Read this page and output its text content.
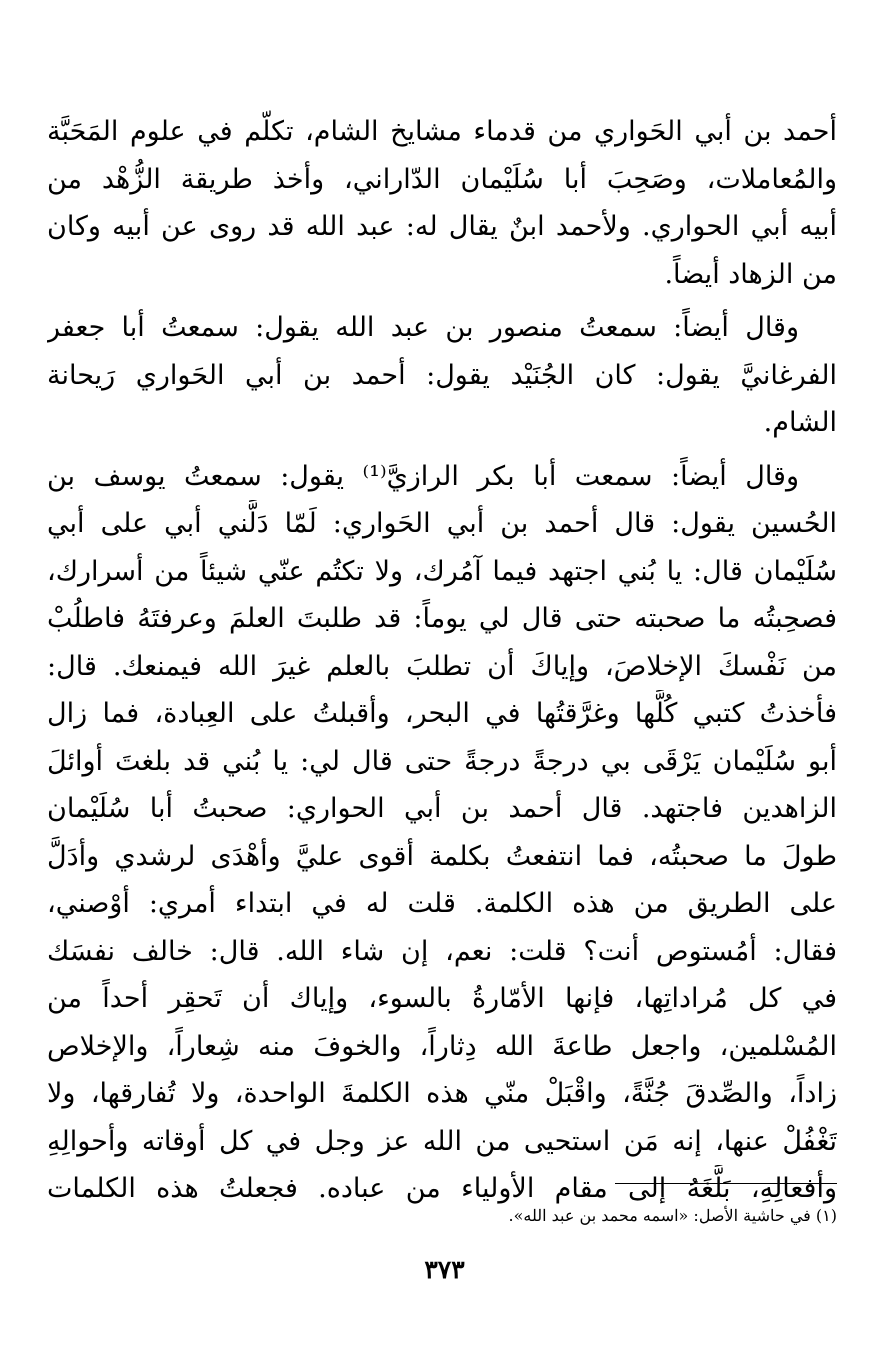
أحمد بن أبي الحَواري من قدماء مشايخ الشام، تكلّم في علوم المَحَبَّة
والمُعاملات، وصَحِبَ أبا سُلَيْمان الدّاراني، وأخذ طريقة الزُّهْد من
أبيه أبي الحواري. ولأحمد ابنٌ يقال له: عبد الله قد روى عن أبيه وكان
من الزهاد أيضاً.
وقال أيضاً: سمعتُ منصور بن عبد الله يقول: سمعتُ أبا جعفر
الفرغانيَّ يقول: كان الجُنَيْد يقول: أحمد بن أبي الحَواري رَيحانة
الشام.
وقال أيضاً: سمعت أبا بكر الرازيَّ⁽¹⁾ يقول: سمعتُ يوسف بن
الحُسين يقول: قال أحمد بن أبي الحَواري: لَمّا دَلَّني أبي على أبي
سُلَيْمان قال: يا بُني اجتهد فيما آمُرك، ولا تكتُم عنّي شيئاً من أسرارك،
فصحِبتُه ما صحبته حتى قال لي يوماً: قد طلبتَ العلمَ وعرفتَهُ فاطلُبْ
من نَفْسكَ الإخلاصَ، وإياكَ أن تطلبَ بالعلم غيرَ الله فيمنعك. قال:
فأخذتُ كتبي كُلَّها وغرَّقتُها في البحر، وأقبلتُ على العِبادة، فما زال
أبو سُلَيْمان يَرْقَى بي درجةً درجةً حتى قال لي: يا بُني قد بلغتَ أوائلَ
الزاهدين فاجتهد. قال أحمد بن أبي الحواري: صحبتُ أبا سُلَيْمان
طولَ ما صحبتُه، فما انتفعتُ بكلمة أقوى عليَّ وأهْدَى لرشدي وأدَلَّ
على الطريق من هذه الكلمة. قلت له في ابتداء أمري: أوْصني،
فقال: أمُستوص أنت؟ قلت: نعم، إن شاء الله. قال: خالف نفسَك
في كل مُراداتِها، فإنها الأمّارةُ بالسوء، وإياك أن تَحقِر أحداً من
المُسْلمين، واجعل طاعةَ الله دِثاراً، والخوفَ منه شِعاراً، والإخلاص
زاداً، والصِّدقَ جُنَّةً، واقْبَلْ منّي هذه الكلمةَ الواحدة، ولا تُفارقها، ولا
تَغْفُلْ عنها، إنه مَن استحيى من الله عز وجل في كل أوقاته وأحوالِهِ
وأفعالِهِ، بَلَّغَهُ إلى مقام الأولياء من عباده. فجعلتُ هذه الكلمات
(١) في حاشية الأصل: «اسمه محمد بن عبد الله».
٣٧٣
